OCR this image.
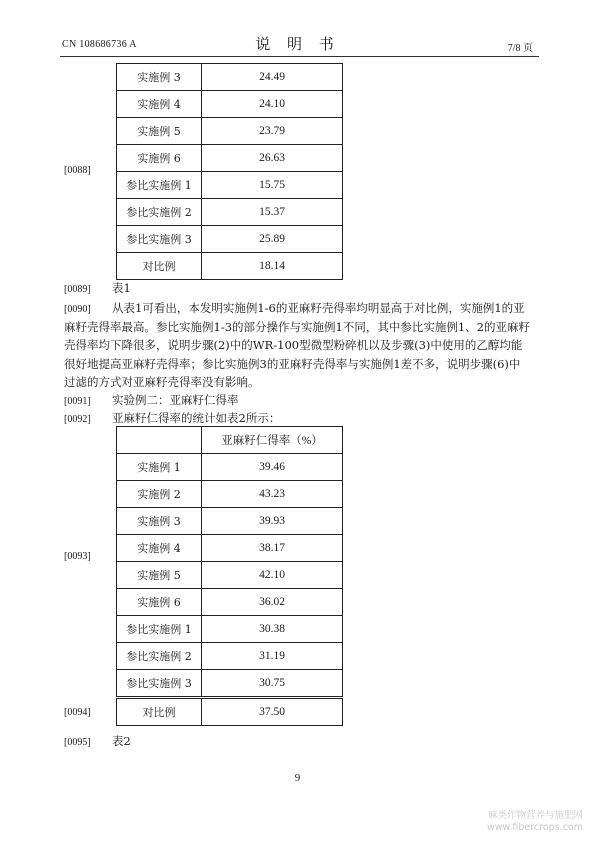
CN 108686736 A	说 明 书	7/8 页
实施例 3	24.49
实施例 4	24.10
实施例 5	23.79
实施例 6	26.63
参比实施例 1	15.75
参比实施例 2	15.37
参比实施例 3	25.89
对比例	18.14
[0088]
[0089] 表1
[0090]	从表1可看出，本发明实施例1-6的亚麻籽壳得率均明显高于对比例，实施例1的亚
麻籽壳得率最高。参比实施例1-3的部分操作与实施例1不同，其中参比实施例1、2的亚麻籽
壳得率均下降很多，说明步骤(2)中的WR-100型微型粉碎机以及步骤(3)中使用的乙醇均能
很好地提高亚麻籽壳得率；参比实施例3的亚麻籽壳得率与实施例1差不多，说明步骤(6)中
过滤的方式对亚麻籽壳得率没有影响。
[0091] 实验例二：亚麻籽仁得率
[0092] 亚麻籽仁得率的统计如表2所示：
	亚麻籽仁得率（%）
实施例 1	39.46
实施例 2	43.23
实施例 3	39.93
实施例 4	38.17
实施例 5	42.10
实施例 6	36.02
参比实施例 1	30.38
参比实施例 2	31.19
参比实施例 3	30.75
[0093]
[0094]	对比例	37.50
[0095] 表2
9
麻类作物营养与施肥网
www.fibercrops.com
